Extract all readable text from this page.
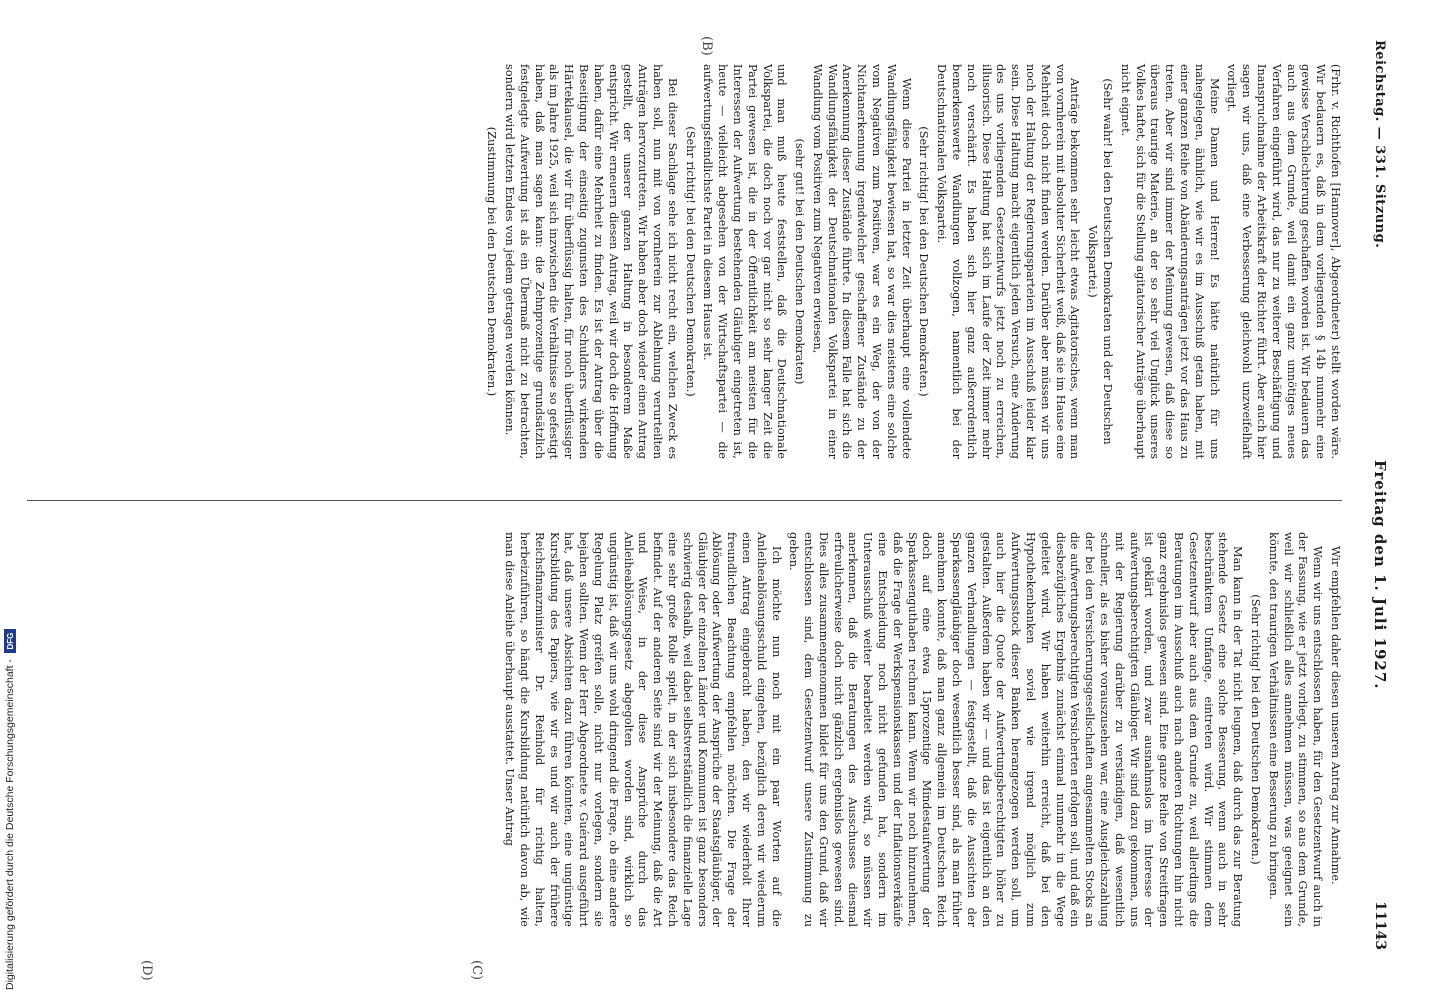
Reichstag. — 331. Sitzung.
Freitag den 1. Juli 1927.
11143

(Frhr. v. Richthofen [Hannover], Abgeordneter) stellt worden wäre. Wir bedauern es, daß in dem vorliegenden § 14b nunmehr eine gewisse Verschlechterung geschaffen worden ist. Wir bedauern das auch aus dem Grunde, weil damit ein ganz unnötiges neues Verfahren eingeführt wird, das nur zu weiterer Beschäftigung und Inanspruchnahme der Arbeitskraft der Richter führt. Aber auch hier sagen wir uns, daß eine Verbesserung gleichwohl unzweifelhaft vorliegt.

Meine Damen und Herren! Es hätte natürlich für uns nahegelegen, ähnlich, wie wir es im Ausschuß getan haben, mit einer ganzen Reihe von Abänderungsanträgen jetzt vor das Haus zu treten. Aber wir sind immer der Meinung gewesen, daß diese so überaus traurige Materie, an der so sehr viel Unglück unseres Volkes haftet, sich für die Stellung agitatorischer Anträge überhaupt nicht eignet.

(Sehr wahr! bei den Deutschen Demokraten und der Deutschen Volkspartei.)

Anträge bekommen sehr leicht etwas Agitatorisches, wenn man von vornherein mit absoluter Sicherheit weiß, daß sie im Hause eine Mehrheit doch nicht finden werden. Darüber aber müssen wir uns noch der Haltung der Regierungsparteien im Ausschuß leider klar sein. Diese Haltung macht eigentlich jeden Versuch, eine Änderung des uns vorliegenden Gesetzentwurfs jetzt noch zu erreichen, illusorisch. Diese Haltung hat sich im Laufe der Zeit immer mehr noch verschärft. Es haben sich hier ganz außerordentlich bemerkenswerte Wandlungen vollzogen, namentlich bei der Deutschnationalen Volkspartei.

(Sehr richtig! bei den Deutschen Demokraten.)

Wenn diese Partei in letzter Zeit überhaupt eine vollendete Wandlungsfähigkeit bewiesen hat, so war dies meistens eine solche vom Negativen zum Positiven, war es ein Weg, der von der Nichtanerkennung irgendwelcher geschaffener Zustände zu der Anerkennung dieser Zustände führte. In diesem Falle hat sich die Wandlungsfähigkeit der Deutschnationalen Volkspartei in einer Wandlung vom Positiven zum Negativen erwiesen,

(sehr gut! bei den Deutschen Demokraten)

und man muß heute feststellen, daß die Deutschnationale Volkspartei, die doch noch vor gar nicht so sehr langer Zeit die Partei gewesen ist, die in der Öffentlichkeit am meisten für die Interessen der Aufwertung bestehenden Gläubiger eingetreten ist, heute — vielleicht abgesehen von der Wirtschaftspartei — die aufwertungsfeindlichste Partei in diesem Hause ist.

(Sehr richtig! bei den Deutschen Demokraten.)

Bei dieser Sachlage sehe ich nicht recht ein, welchen Zweck es haben soll, nun mit von vornherein zur Ablehnung verurteilten Anträgen hervorzutreten. Wir haben aber doch wieder einen Antrag gestellt, der unserer ganzen Haltung in besonderem Maße entspricht. Wir erneuern diesen Antrag, weil wir doch die Hoffnung haben, dafür eine Mehrheit zu finden. Es ist der Antrag über die Beseitigung der einseitig zugunsten des Schuldners wirkenden Härteklausel, die wir für überflüssig halten, für noch überflüssiger als im Jahre 1925, weil sich inzwischen die Verhältnisse so gefestigt haben, daß man sagen kann: die Zehnprozentige grundsätzlich festgelegte Aufwertung ist als ein Übermaß nicht zu betrachten, sondern wird letzten Endes von jedem getragen werden können.

(Zustimmung bei den Deutschen Demokraten.)

Wir empfehlen daher diesen unseren Antrag zur Annahme.

Wenn wir uns entschlossen haben, für den Gesetzentwurf auch in der Fassung, wie er jetzt vorliegt, zu stimmen, so aus dem Grunde, weil wir schließlich alles annehmen müssen, was geeignet sein könnte, den traurigen Verhältnissen eine Besserung zu bringen.

(Sehr richtig! bei den Deutschen Demokraten.)

Man kann in der Tat nicht leugnen, daß durch das zur Beratung stehende Gesetz eine solche Besserung, wenn auch in sehr beschränktem Umfange, eintreten wird. Wir stimmen dem Gesetzentwurf aber auch aus dem Grunde zu, weil allerdings die Beratungen im Ausschuß auch nach anderen Richtungen hin nicht ganz ergebnislos gewesen sind. Eine ganze Reihe von Streitfragen ist geklärt worden, und zwar ausnahmslos im Interesse der aufwertungsberechtigten Gläubiger. Wir sind dazu gekommen, uns mit der Regierung darüber zu verständigen, daß wesentlich schneller, als es bisher vorauszusehen war, eine Ausgleichszahlung der bei den Versicherungsgesellschaften angesammelten Stocks an die aufwertungsberechtigten Versicherten erfolgen soll, und daß ein diesbezügliches Ergebnis zunächst einmal nunmehr in die Wege geleitet wird. Wir haben weiterhin erreicht, daß bei den Hypothekenbanken soviel wie irgend möglich zum Aufwertungsstock dieser Banken herangezogen werden soll, um auch hier die Quote der Aufwertungsberechtigten höher zu gestalten. Außerdem haben wir — und das ist eigentlich an den ganzen Verhandlungen — festgestellt, daß die Aussichten der Sparkassengläubiger doch wesentlich besser sind, als man früher annehmen konnte, daß man ganz allgemein im Deutschen Reich doch auf eine etwa 15prozentige Mindestaufwertung der Sparkassenguthaben rechnen kann. Wenn wir noch hinzunehmen, daß die Frage der Werkspensionskassen und der Inflationsverkäufe eine Entscheidung noch nicht gefunden hat, sondern im Unterausschuß weiter bearbeitet werden wird, so müssen wir anerkennen, daß die Beratungen des Ausschusses diesmal erfreulicherweise doch nicht gänzlich ergebnislos gewesen sind. Dies alles zusammengenommen bildet für uns den Grund, daß wir entschlossen sind, dem Gesetzentwurf unsere Zustimmung zu geben.

Ich möchte nun noch mit ein paar Worten auf die Anleiheablösungsschuld eingehen, bezüglich deren wir wiederum einen Antrag eingebracht haben, den wir wiederholt Ihrer freundlichen Beachtung empfehlen möchten. Die Frage der Ablösung oder Aufwertung der Ansprüche der Staatsgläubiger, der Gläubiger der einzelnen Länder und Kommunen ist ganz besonders schwierig deshalb, weil dabei selbstverständlich die finanzielle Lage eine sehr große Rolle spielt, in der sich insbesondere das Reich befindet. Auf der anderen Seite sind wir der Meinung, daß die Art und Weise, in der diese Ansprüche durch das Anleiheablösungsgesetz abgegolten worden sind, wirklich so ungünstig ist, daß wir uns wohl dringend die Frage, ob eine andere Regelung Platz greifen solle, nicht nur vorlegen, sondern sie bejahen sollten. Wenn der Herr Abgeordnete v. Guérard ausgeführt hat, daß unsere Absichten dazu führen könnten, eine ungünstige Kursbildung des Papiers, wie wir es und wir auch der frühere Reichsfinanzminister Dr. Reinhold für richtig halten, herbeizuführen, so hängt die Kursbildung natürlich davon ab, wie man diese Anleihe überhaupt ausstattet. Unser Antrag

(C)
(D)
(B)
Digitalisierung gefördert durch die Deutsche Forschungsgemeinschaft -
DFG
